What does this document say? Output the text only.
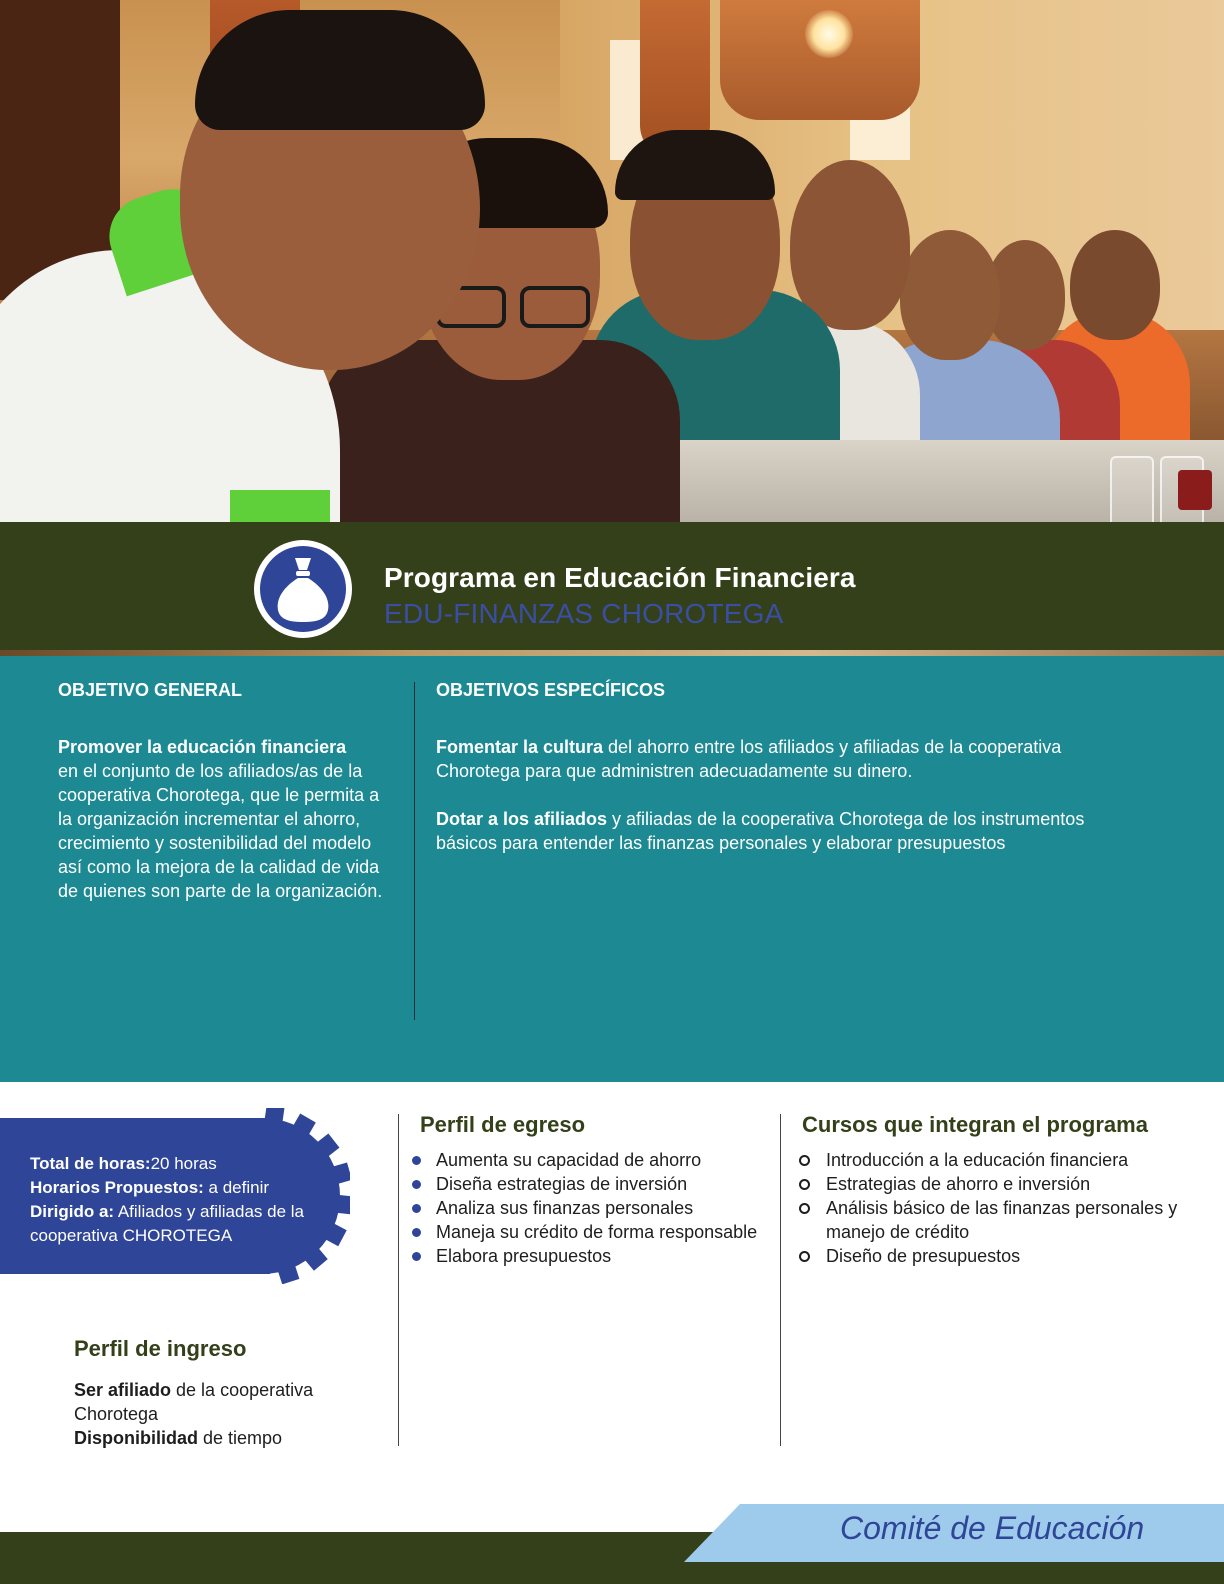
Programa en Educación Financiera
EDU-FINANZAS CHOROTEGA
OBJETIVO GENERAL
Promover la educación financiera
en el conjunto de los afiliados/as de la cooperativa Chorotega, que le permita a la organización incrementar el ahorro, crecimiento y sostenibilidad del modelo así como la mejora de la calidad de vida de quienes son parte de la organización.
OBJETIVOS ESPECÍFICOS
Fomentar la cultura del ahorro entre los afiliados y afiliadas de la cooperativa Chorotega para que administren adecuadamente su dinero.
Dotar a los afiliados y afiliadas de la cooperativa Chorotega de los instrumentos básicos para entender las finanzas personales y elaborar presupuestos
Total de horas:20 horas
Horarios Propuestos: a definir
Dirigido a: Afiliados y afiliadas de la cooperativa CHOROTEGA
Perfil de ingreso
Ser afiliado de la cooperativa Chorotega
Disponibilidad de tiempo
Perfil de egreso
Aumenta su capacidad de ahorro
Diseña estrategias de inversión
Analiza sus finanzas personales
Maneja su crédito de forma responsable
Elabora presupuestos
Cursos que integran el programa
Introducción a la educación financiera
Estrategias de ahorro e inversión
Análisis básico de las finanzas personales y manejo de crédito
Diseño de presupuestos
Comité de Educación
